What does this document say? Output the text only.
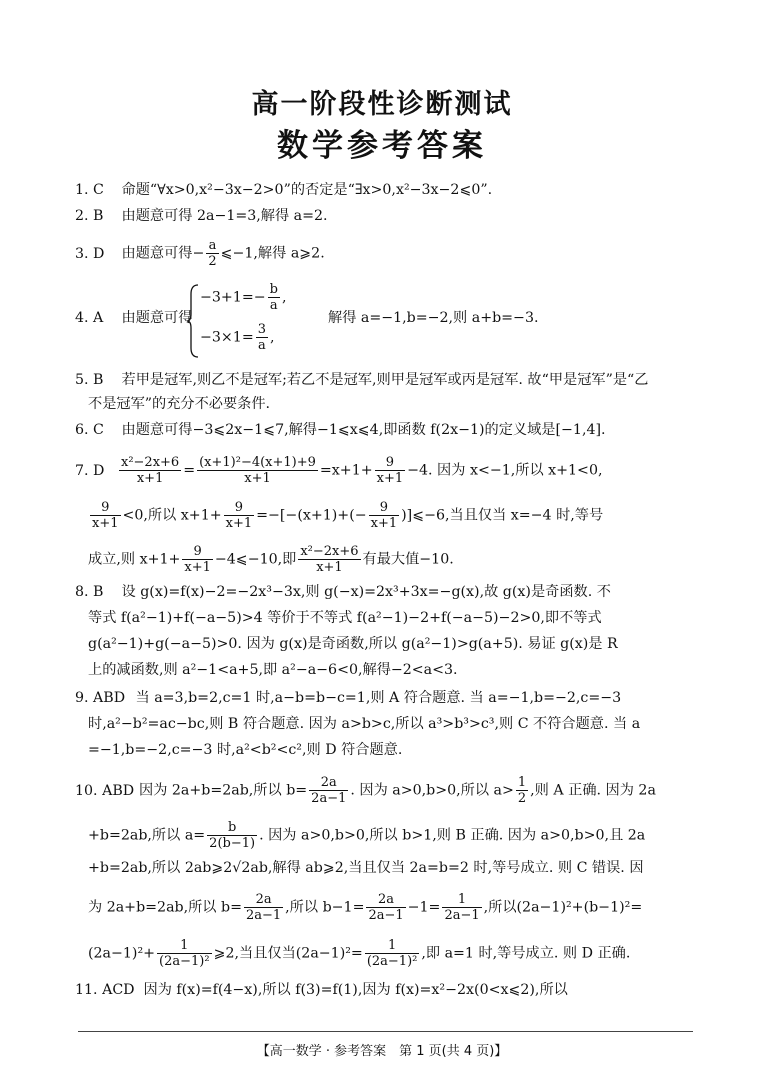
高一阶段性诊断测试
数学参考答案
1. C 命题“∀x>0,x²−3x−2>0”的否定是“∃x>0,x²−3x−2⩽0”.
2. B 由题意可得 2a−1=3,解得 a=2.
3. D 由题意可得− $\frac{a}{2}$ ⩽−1,解得 a⩾2.
4. A 由题意可得
$-3+1=- \frac{b}{a}$ ,
$-3\times 1= \frac{3}{a}$ ,
解得 a=−1,b=−2,则 a+b=−3.
5. B 若甲是冠军,则乙不是冠军;若乙不是冠军,则甲是冠军或丙是冠军. 故“甲是冠军”是“乙
不是冠军”的充分不必要条件.
6. C 由题意可得−3⩽2x−1⩽7,解得−1⩽x⩽4,即函数 f(2x−1)的定义域是[−1,4].
7. D $\frac{\text{x²−2x+6}}{x+1} = \frac{\text{(x+1)²−4(x+1)+9}}{x+1} =x+1+ \frac{9}{x+1} -4$. 因为 x<−1,所以 x+1<0,
$\frac{9}{x+1} <0$,所以 $x+1+ \frac{9}{x+1} =-[-(x+1)+(- \frac{9}{x+1}$ )]⩽−6,当且仅当 x=−4 时,等号
成立,则 $x+1+ \frac{9}{x+1}$ −4⩽−10,即 $\frac{\text{x²−2x+6}}{x+1}$ 有最大值−10.
8. B 设 g(x)=f(x)−2=−2x³−3x,则 g(−x)=2x³+3x=−g(x),故 g(x)是奇函数. 不
等式 f(a²−1)+f(−a−5)>4 等价于不等式 f(a²−1)−2+f(−a−5)−2>0,即不等式
g(a²−1)+g(−a−5)>0. 因为 g(x)是奇函数,所以 g(a²−1)>g(a+5). 易证 g(x)是 R
上的减函数,则 a²−1<a+5,即 a²−a−6<0,解得−2<a<3.
9. ABD 当 a=3,b=2,c=1 时,a−b=b−c=1,则 A 符合题意. 当 a=−1,b=−2,c=−3
时,a²−b²=ac−bc,则 B 符合题意. 因为 a>b>c,所以 a³>b³>c³,则 C 不符合题意. 当 a
=−1,b=−2,c=−3 时,a²<b²<c²,则 D 符合题意.
10. ABD 因为 2a+b=2ab,所以 $b= \frac{2a}{2a-1}$ . 因为 a>0,b>0,所以 $a> \frac{1}{2}$ ,则 A 正确. 因为 2a
+b=2ab,所以 $a= \frac{b}{2(b-1)}$ . 因为 a>0,b>0,所以 b>1,则 B 正确. 因为 a>0,b>0,且 2a
+b=2ab,所以 2ab⩾2√2ab,解得 ab⩾2,当且仅当 2a=b=2 时,等号成立. 则 C 错误. 因
为 2a+b=2ab,所以 $b= \frac{2a}{2a-1}$ ,所以 $b-1= \frac{2a}{2a-1} -1= \frac{1}{2a-1}$ ,所以(2a−1)²+(b−1)²=
$(2a-1)^2+ \frac{1}{\text{(2a−1)²}}$ ⩾2,当且仅当$(2a-1)^2= \frac{1}{\text{(2a−1)²}}$ ,即 a=1 时,等号成立. 则 D 正确.
11. ACD 因为 f(x)=f(4−x),所以 f(3)=f(1),因为 f(x)=x²−2x(0<x⩽2),所以
【高一数学 · 参考答案　第 1 页(共 4 页)】
